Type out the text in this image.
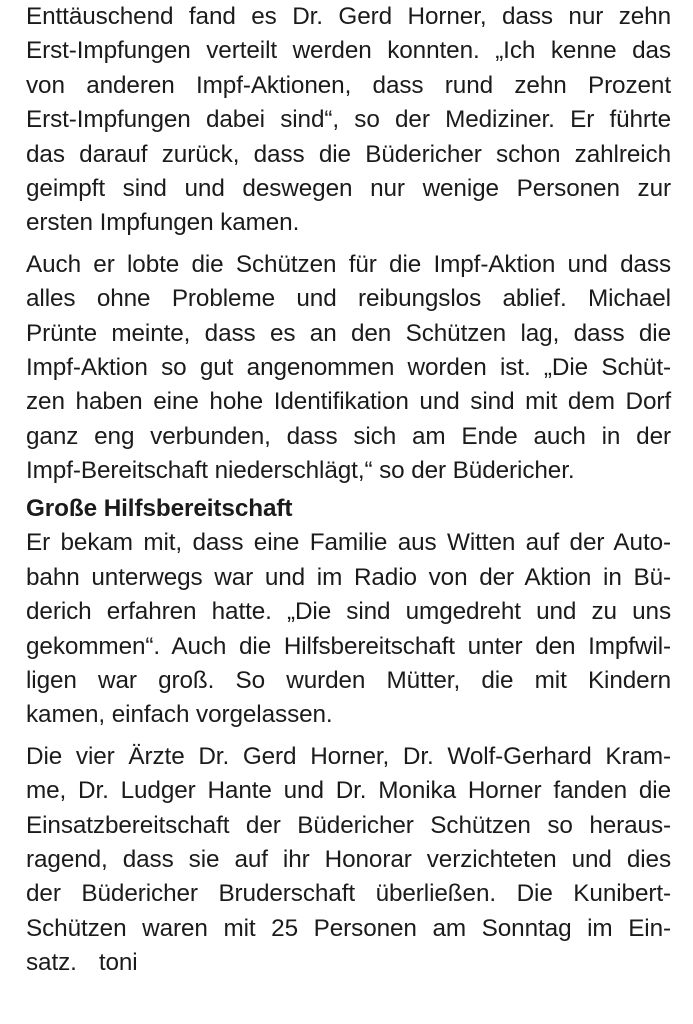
Enttäuschend fand es Dr. Gerd Horner, dass nur zehn
Erst-Impfungen verteilt werden konnten. „Ich kenne das
von anderen Impf-Aktionen, dass rund zehn Prozent
Erst-Impfungen dabei sind“, so der Mediziner. Er führte
das darauf zurück, dass die Büdericher schon zahlreich
geimpft sind und deswegen nur wenige Personen zur
ersten Impfungen kamen.
Auch er lobte die Schützen für die Impf-Aktion und dass
alles ohne Probleme und reibungslos ablief. Michael
Prünte meinte, dass es an den Schützen lag, dass die
Impf-Aktion so gut angenommen worden ist. „Die Schüt-
zen haben eine hohe Identifikation und sind mit dem Dorf
ganz eng verbunden, dass sich am Ende auch in der
Impf-Bereitschaft niederschlägt,“ so der Büdericher.
Große Hilfsbereitschaft
Er bekam mit, dass eine Familie aus Witten auf der Auto-
bahn unterwegs war und im Radio von der Aktion in Bü-
derich erfahren hatte. „Die sind umgedreht und zu uns
gekommen“. Auch die Hilfsbereitschaft unter den Impfwil-
ligen war groß. So wurden Mütter, die mit Kindern
kamen, einfach vorgelassen.
Die vier Ärzte Dr. Gerd Horner, Dr. Wolf-Gerhard Kram-
me, Dr. Ludger Hante und Dr. Monika Horner fanden die
Einsatzbereitschaft der Büdericher Schützen so heraus-
ragend, dass sie auf ihr Honorar verzichteten und dies
der Büdericher Bruderschaft überließen. Die Kunibert-
Schützen waren mit 25 Personen am Sonntag im Ein-
satz. toni
